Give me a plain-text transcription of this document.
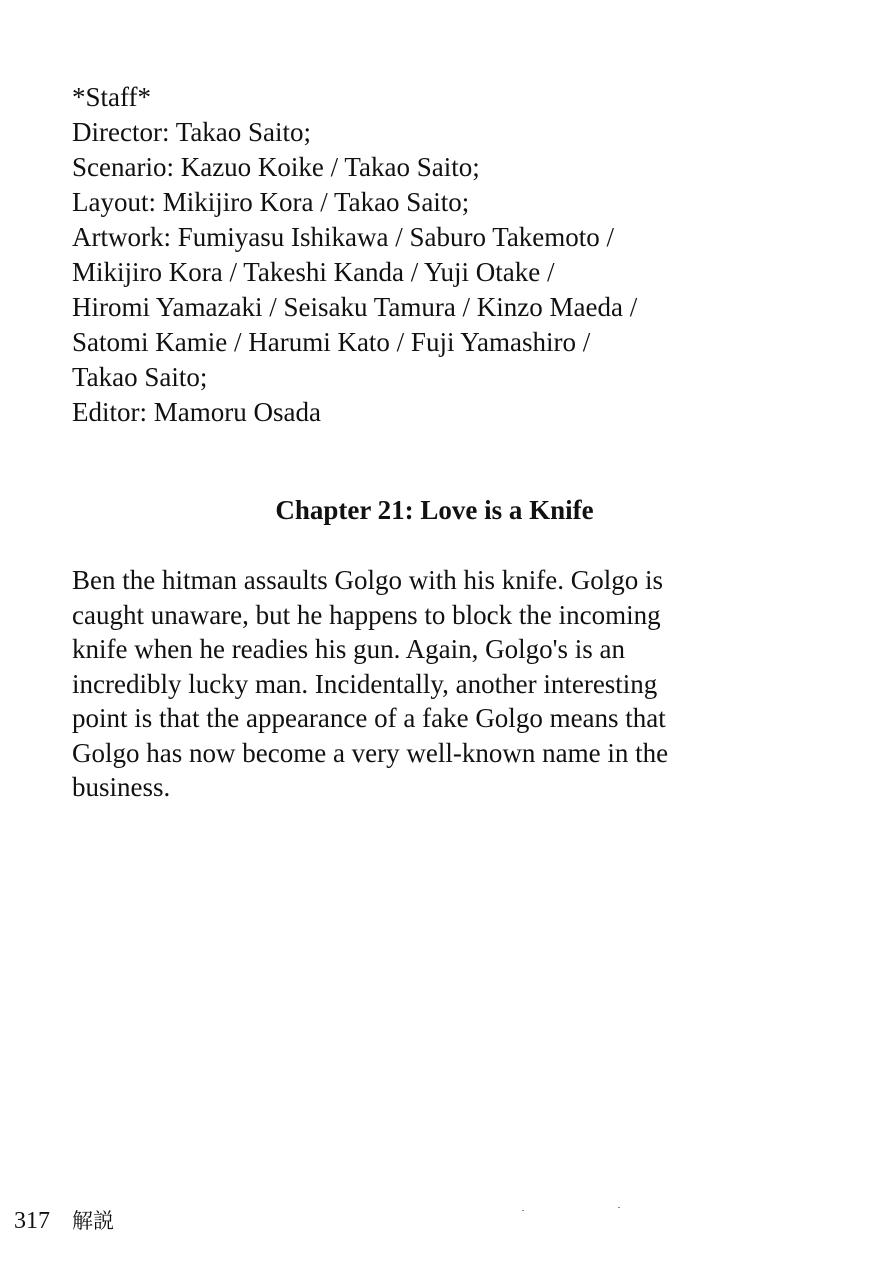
*Staff*
Director: Takao Saito;
Scenario: Kazuo Koike / Takao Saito;
Layout: Mikijiro Kora / Takao Saito;
Artwork: Fumiyasu Ishikawa / Saburo Takemoto /
Mikijiro Kora / Takeshi Kanda / Yuji Otake /
Hiromi Yamazaki / Seisaku Tamura / Kinzo Maeda /
Satomi Kamie / Harumi Kato / Fuji Yamashiro /
Takao Saito;
Editor: Mamoru Osada
Chapter 21: Love is a Knife
Ben the hitman assaults Golgo with his knife. Golgo is
caught unaware, but he happens to block the incoming
knife when he readies his gun. Again, Golgo's is an
incredibly lucky man. Incidentally, another interesting
point is that the appearance of a fake Golgo means that
Golgo has now become a very well-known name in the
business.
317 解説
